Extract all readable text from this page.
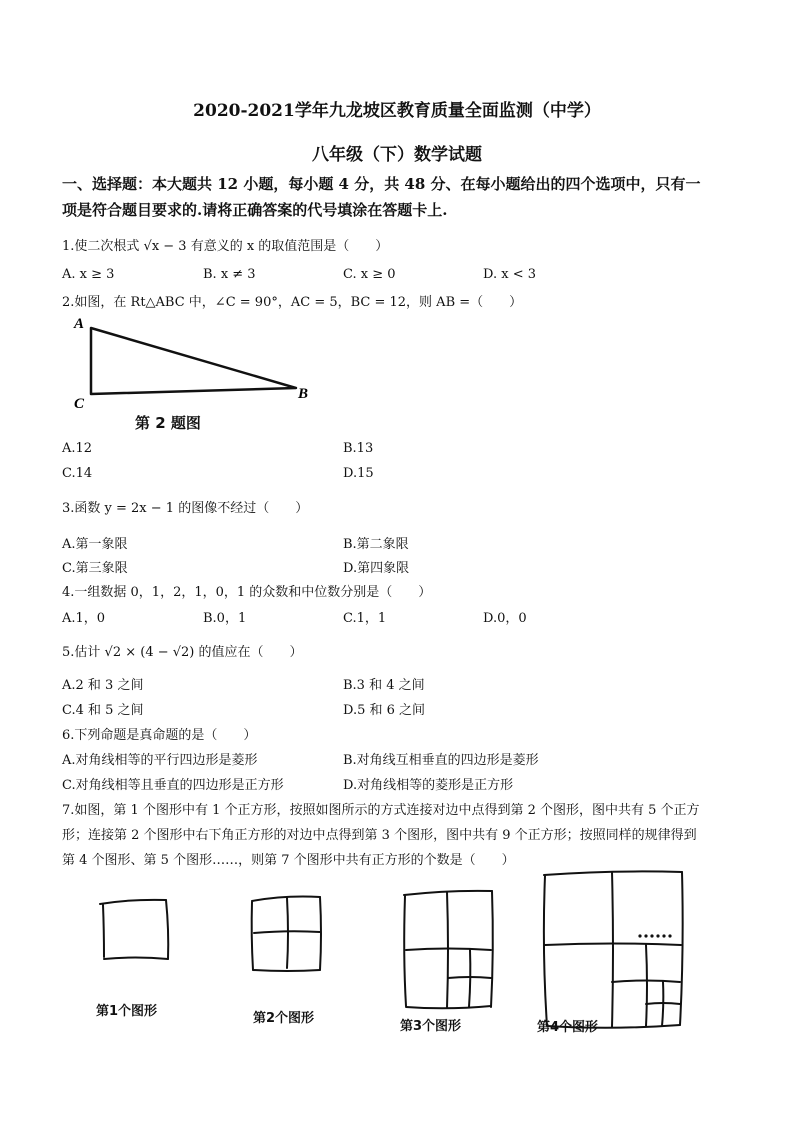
2020-2021学年九龙坡区教育质量全面监测（中学）
八年级（下）数学试题
一、选择题：本大题共 12 小题，每小题 4 分，共 48 分、在每小题给出的四个选项中，只有一
项是符合题目要求的.请将正确答案的代号填涂在答题卡上.
1.使二次根式 √x − 3 有意义的 x 的取值范围是（　　）
A. x ≥ 3	B. x ≠ 3	C. x ≥ 0	D. x < 3
2.如图，在 Rt△ABC 中，∠C = 90°，AC = 5，BC = 12，则 AB =（　　）
A
C
B
第 2 题图
A.12	B.13
C.14	D.15
3.函数 y = 2x − 1 的图像不经过（　　）
A.第一象限	B.第二象限
C.第三象限	D.第四象限
4.一组数据 0，1，2，1，0，1 的众数和中位数分别是（　　）
A.1，0	B.0，1	C.1，1	D.0，0
5.估计 √2 × (4 − √2) 的值应在（　　）
A.2 和 3 之间	B.3 和 4 之间
C.4 和 5 之间	D.5 和 6 之间
6.下列命题是真命题的是（　　）
A.对角线相等的平行四边形是菱形	B.对角线互相垂直的四边形是菱形
C.对角线相等且垂直的四边形是正方形	D.对角线相等的菱形是正方形
7.如图，第 1 个图形中有 1 个正方形，按照如图所示的方式连接对边中点得到第 2 个图形，图中共有 5 个正方
形；连接第 2 个图形中右下角正方形的对边中点得到第 3 个图形，图中共有 9 个正方形；按照同样的规律得到
第 4 个图形、第 5 个图形……，则第 7 个图形中共有正方形的个数是（　　）
第1个图形	第2个图形
第3个图形	第4个图形
